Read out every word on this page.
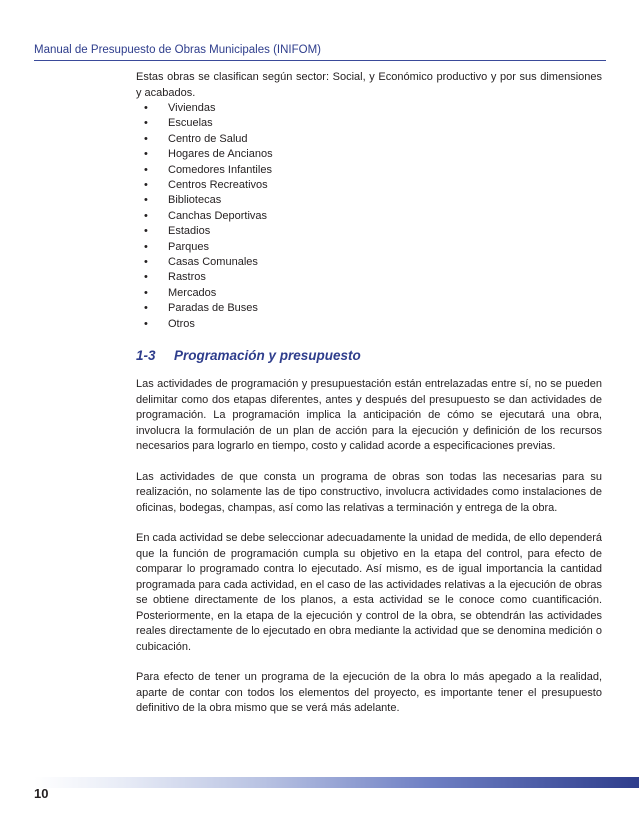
Manual de Presupuesto de Obras Municipales (INIFOM)

Estas obras se clasifican según sector: Social, y Económico productivo y por sus dimensiones y acabados.

• Viviendas
• Escuelas
• Centro de Salud
• Hogares de Ancianos
• Comedores Infantiles
• Centros Recreativos
• Bibliotecas
• Canchas Deportivas
• Estadios
• Parques
• Casas Comunales
• Rastros
• Mercados
• Paradas de Buses
• Otros
1-3 Programación y presupuesto

Las actividades de programación y presupuestación están entrelazadas entre sí, no se pueden delimitar como dos etapas diferentes, antes y después del presupuesto se dan actividades de programación. La programación implica la anticipación de cómo se ejecutará una obra, involucra la formulación de un plan de acción para la ejecución y definición de los recursos necesarios para lograrlo en tiempo, costo y calidad acorde a especificaciones previas.

Las actividades de que consta un programa de obras son todas las necesarias para su realización, no solamente las de tipo constructivo, involucra actividades como instalaciones de oficinas, bodegas, champas, así como las relativas a terminación y entrega de la obra.

En cada actividad se debe seleccionar adecuadamente la unidad de medida, de ello dependerá que la función de programación cumpla su objetivo en la etapa del control, para efecto de comparar lo programado contra lo ejecutado. Así mismo, es de igual importancia la cantidad programada para cada actividad, en el caso de las actividades relativas a la ejecución de obras se obtiene directamente de los planos, a esta actividad se le conoce como cuantificación. Posteriormente, en la etapa de la ejecución y control de la obra, se obtendrán las actividades reales directamente de lo ejecutado en obra mediante la actividad que se denomina medición o cubicación.

Para efecto de tener un programa de la ejecución de la obra lo más apegado a la realidad, aparte de contar con todos los elementos del proyecto, es importante tener el presupuesto definitivo de la obra mismo que se verá más adelante.

10
